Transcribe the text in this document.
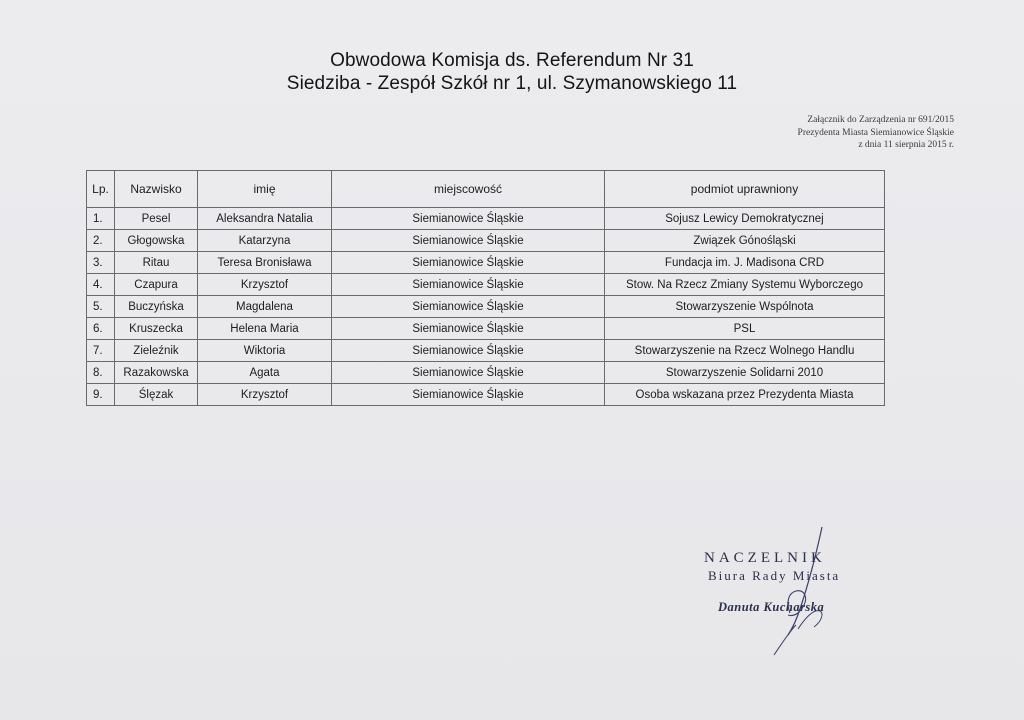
Obwodowa Komisja ds. Referendum Nr 31
Siedziba - Zespół Szkół nr 1, ul. Szymanowskiego 11
Załącznik do Zarządzenia nr 691/2015
Prezydenta Miasta Siemianowice Śląskie
z dnia 11 sierpnia 2015 r.
Lp.	Nazwisko	imię	miejscowość	podmiot uprawniony
1.	Pesel	Aleksandra Natalia	Siemianowice Śląskie	Sojusz Lewicy Demokratycznej
2.	Głogowska	Katarzyna	Siemianowice Śląskie	Związek Gónośląski
3.	Ritau	Teresa Bronisława	Siemianowice Śląskie	Fundacja im. J. Madisona CRD
4.	Czapura	Krzysztof	Siemianowice Śląskie	Stow. Na Rzecz Zmiany Systemu Wyborczego
5.	Buczyńska	Magdalena	Siemianowice Śląskie	Stowarzyszenie Wspólnota
6.	Kruszecka	Helena Maria	Siemianowice Śląskie	PSL
7.	Zieleźnik	Wiktoria	Siemianowice Śląskie	Stowarzyszenie na Rzecz Wolnego Handlu
8.	Razakowska	Agata	Siemianowice Śląskie	Stowarzyszenie Solidarni 2010
9.	Ślęzak	Krzysztof	Siemianowice Śląskie	Osoba wskazana przez Prezydenta Miasta
NACZELNIK
Biura Rady Miasta
Danuta Kucharska
